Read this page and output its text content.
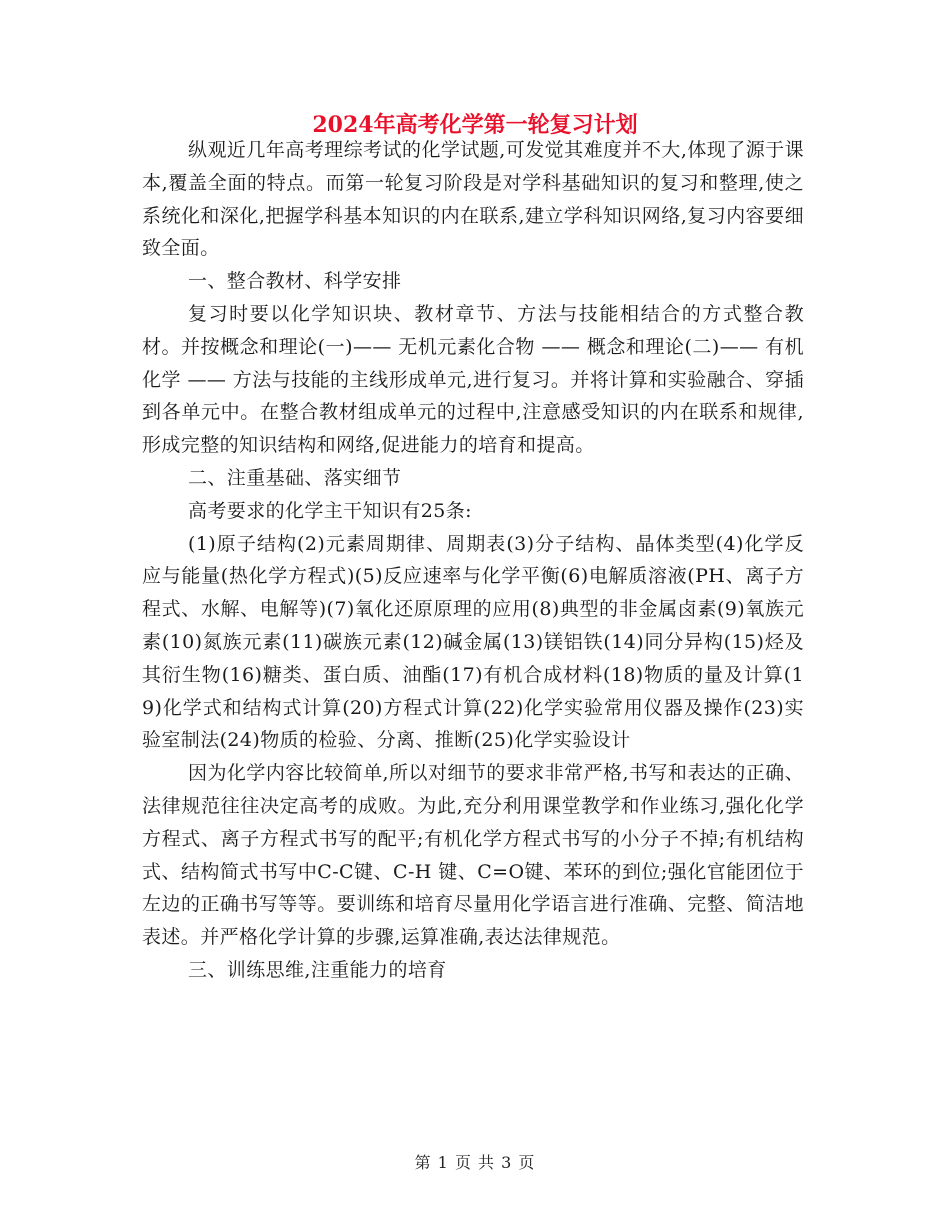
2024年高考化学第一轮复习计划

纵观近几年高考理综考试的化学试题,可发觉其难度并不大,体现了源于课本,覆盖全面的特点。而第一轮复习阶段是对学科基础知识的复习和整理,使之系统化和深化,把握学科基本知识的内在联系,建立学科知识网络,复习内容要细致全面。

一、整合教材、科学安排

复习时要以化学知识块、教材章节、方法与技能相结合的方式整合教材。并按概念和理论(一)—— 无机元素化合物 —— 概念和理论(二)—— 有机化学 —— 方法与技能的主线形成单元,进行复习。并将计算和实验融合、穿插到各单元中。在整合教材组成单元的过程中,注意感受知识的内在联系和规律,形成完整的知识结构和网络,促进能力的培育和提高。

二、注重基础、落实细节

高考要求的化学主干知识有25条:

(1)原子结构(2)元素周期律、周期表(3)分子结构、晶体类型(4)化学反应与能量(热化学方程式)(5)反应速率与化学平衡(6)电解质溶液(PH、离子方程式、水解、电解等)(7)氧化还原原理的应用(8)典型的非金属卤素(9)氧族元素(10)氮族元素(11)碳族元素(12)碱金属(13)镁铝铁(14)同分异构(15)烃及其衍生物(16)糖类、蛋白质、油酯(17)有机合成材料(18)物质的量及计算(19)化学式和结构式计算(20)方程式计算(22)化学实验常用仪器及操作(23)实验室制法(24)物质的检验、分离、推断(25)化学实验设计

因为化学内容比较简单,所以对细节的要求非常严格,书写和表达的正确、法律规范往往决定高考的成败。为此,充分利用课堂教学和作业练习,强化化学方程式、离子方程式书写的配平;有机化学方程式书写的小分子不掉;有机结构式、结构简式书写中C-C键、C-H 键、C=O键、苯环的到位;强化官能团位于左边的正确书写等等。要训练和培育尽量用化学语言进行准确、完整、简洁地表述。并严格化学计算的步骤,运算准确,表达法律规范。

三、训练思维,注重能力的培育

第 1 页 共 3 页
